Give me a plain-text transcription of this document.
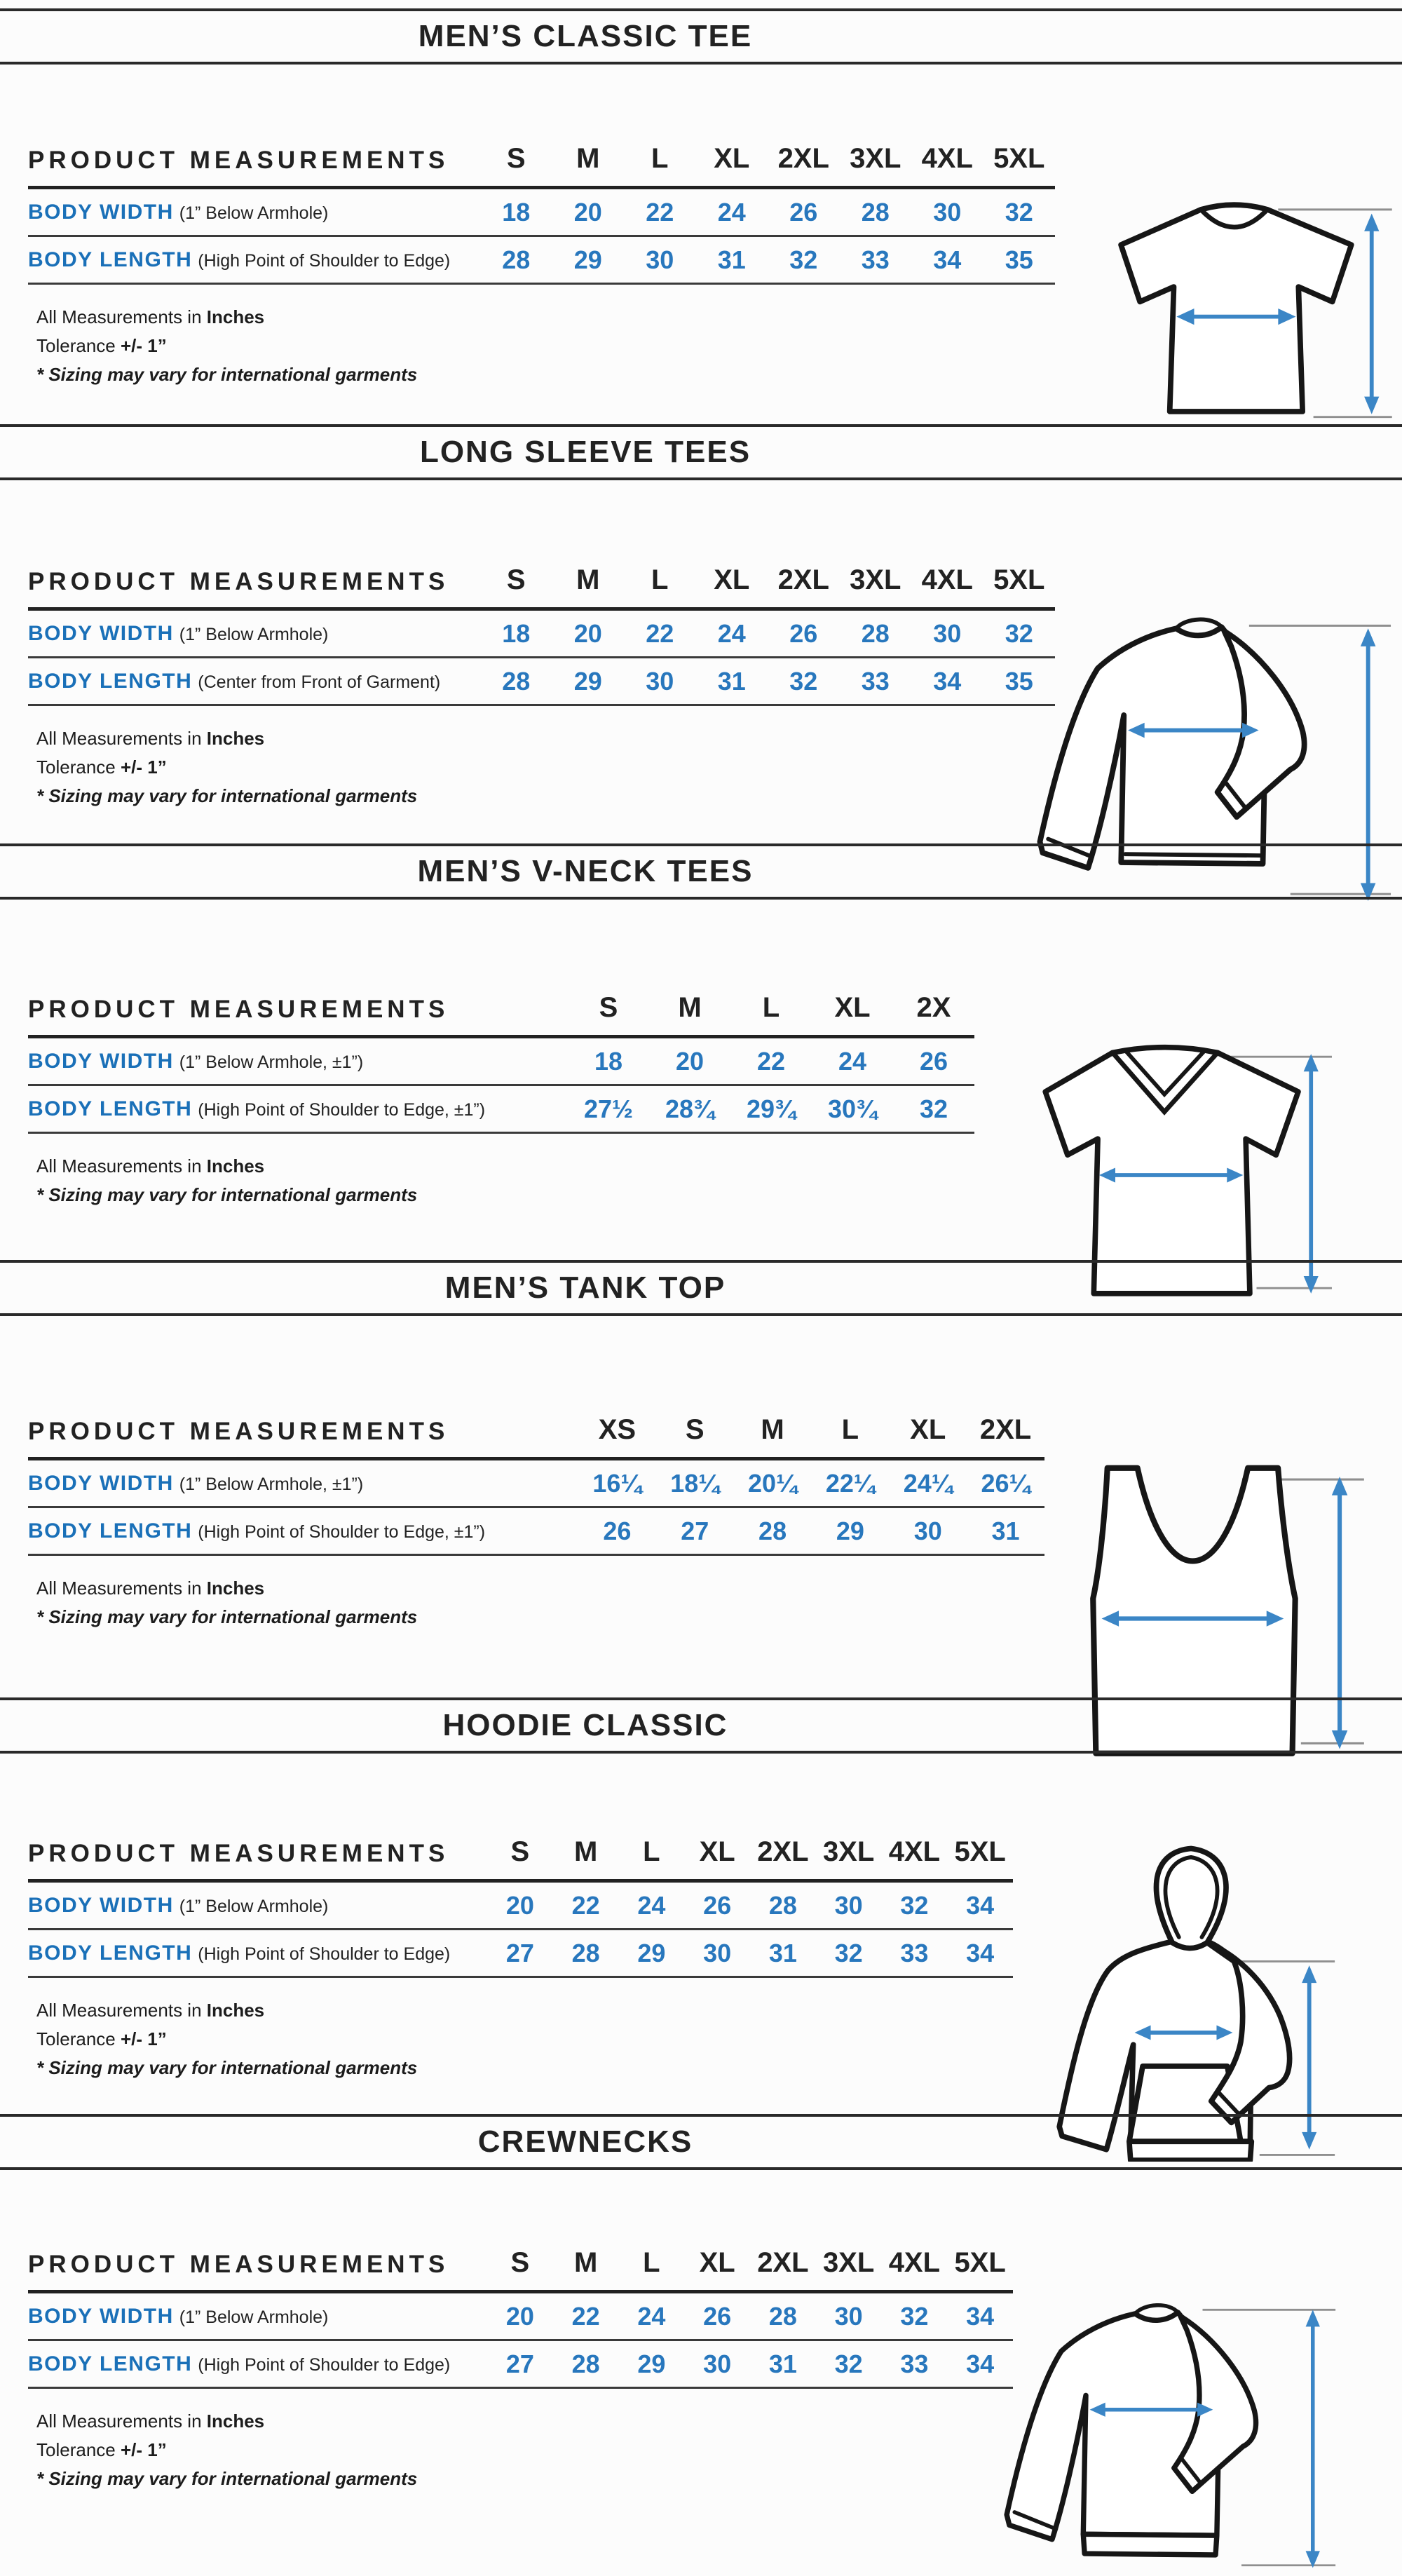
MEN’S CLASSIC TEE
PRODUCT MEASUREMENTS	S	M	L	XL	2XL 3XL 4XL 5XL
BODY WIDTH (1” Below Armhole)	18	20	22	24	26	28	30	32
BODY LENGTH (High Point of Shoulder to Edge)	28	29	30	31	32	33	34	35
All Measurements in Inches
Tolerance +/- 1”
* Sizing may vary for international garments
LONG SLEEVE TEES
PRODUCT MEASUREMENTS	S	M	L	XL	2XL 3XL 4XL 5XL
BODY WIDTH (1” Below Armhole)	18	20	22	24	26	28	30	32
BODY LENGTH (Center from Front of Garment)	28	29	30	31	32	33	34	35
All Measurements in Inches
Tolerance +/- 1”
* Sizing may vary for international garments
MEN’S V-NECK TEES
PRODUCT MEASUREMENTS	S	M	L	XL	2X
BODY WIDTH (1” Below Armhole, ±1”)	18	20	22	24	26
BODY LENGTH (High Point of Shoulder to Edge, ±1”)	27½	28¾	29¾	30¾	32
All Measurements in Inches
* Sizing may vary for international garments
MEN’S TANK TOP
PRODUCT MEASUREMENTS	XS	S	M	L	XL	2XL
BODY WIDTH (1” Below Armhole, ±1”)	16¼	18¼	20¼	22¼	24¼	26¼
BODY LENGTH (High Point of Shoulder to Edge, ±1”)	26	27	28	29	30	31
All Measurements in Inches
* Sizing may vary for international garments
HOODIE CLASSIC
PRODUCT MEASUREMENTS	S	M	L	XL 2XL 3XL 4XL 5XL
BODY WIDTH (1” Below Armhole)	20	22	24	26	28	30	32	34
BODY LENGTH (High Point of Shoulder to Edge)	27	28	29	30	31	32	33	34
All Measurements in Inches
Tolerance +/- 1”
* Sizing may vary for international garments
CREWNECKS
PRODUCT MEASUREMENTS	S	M	L	XL 2XL 3XL 4XL 5XL
BODY WIDTH (1” Below Armhole)	20	22	24	26	28	30	32	34
BODY LENGTH (High Point of Shoulder to Edge)	27	28	29	30	31	32	33	34
All Measurements in Inches
Tolerance +/- 1”
* Sizing may vary for international garments
